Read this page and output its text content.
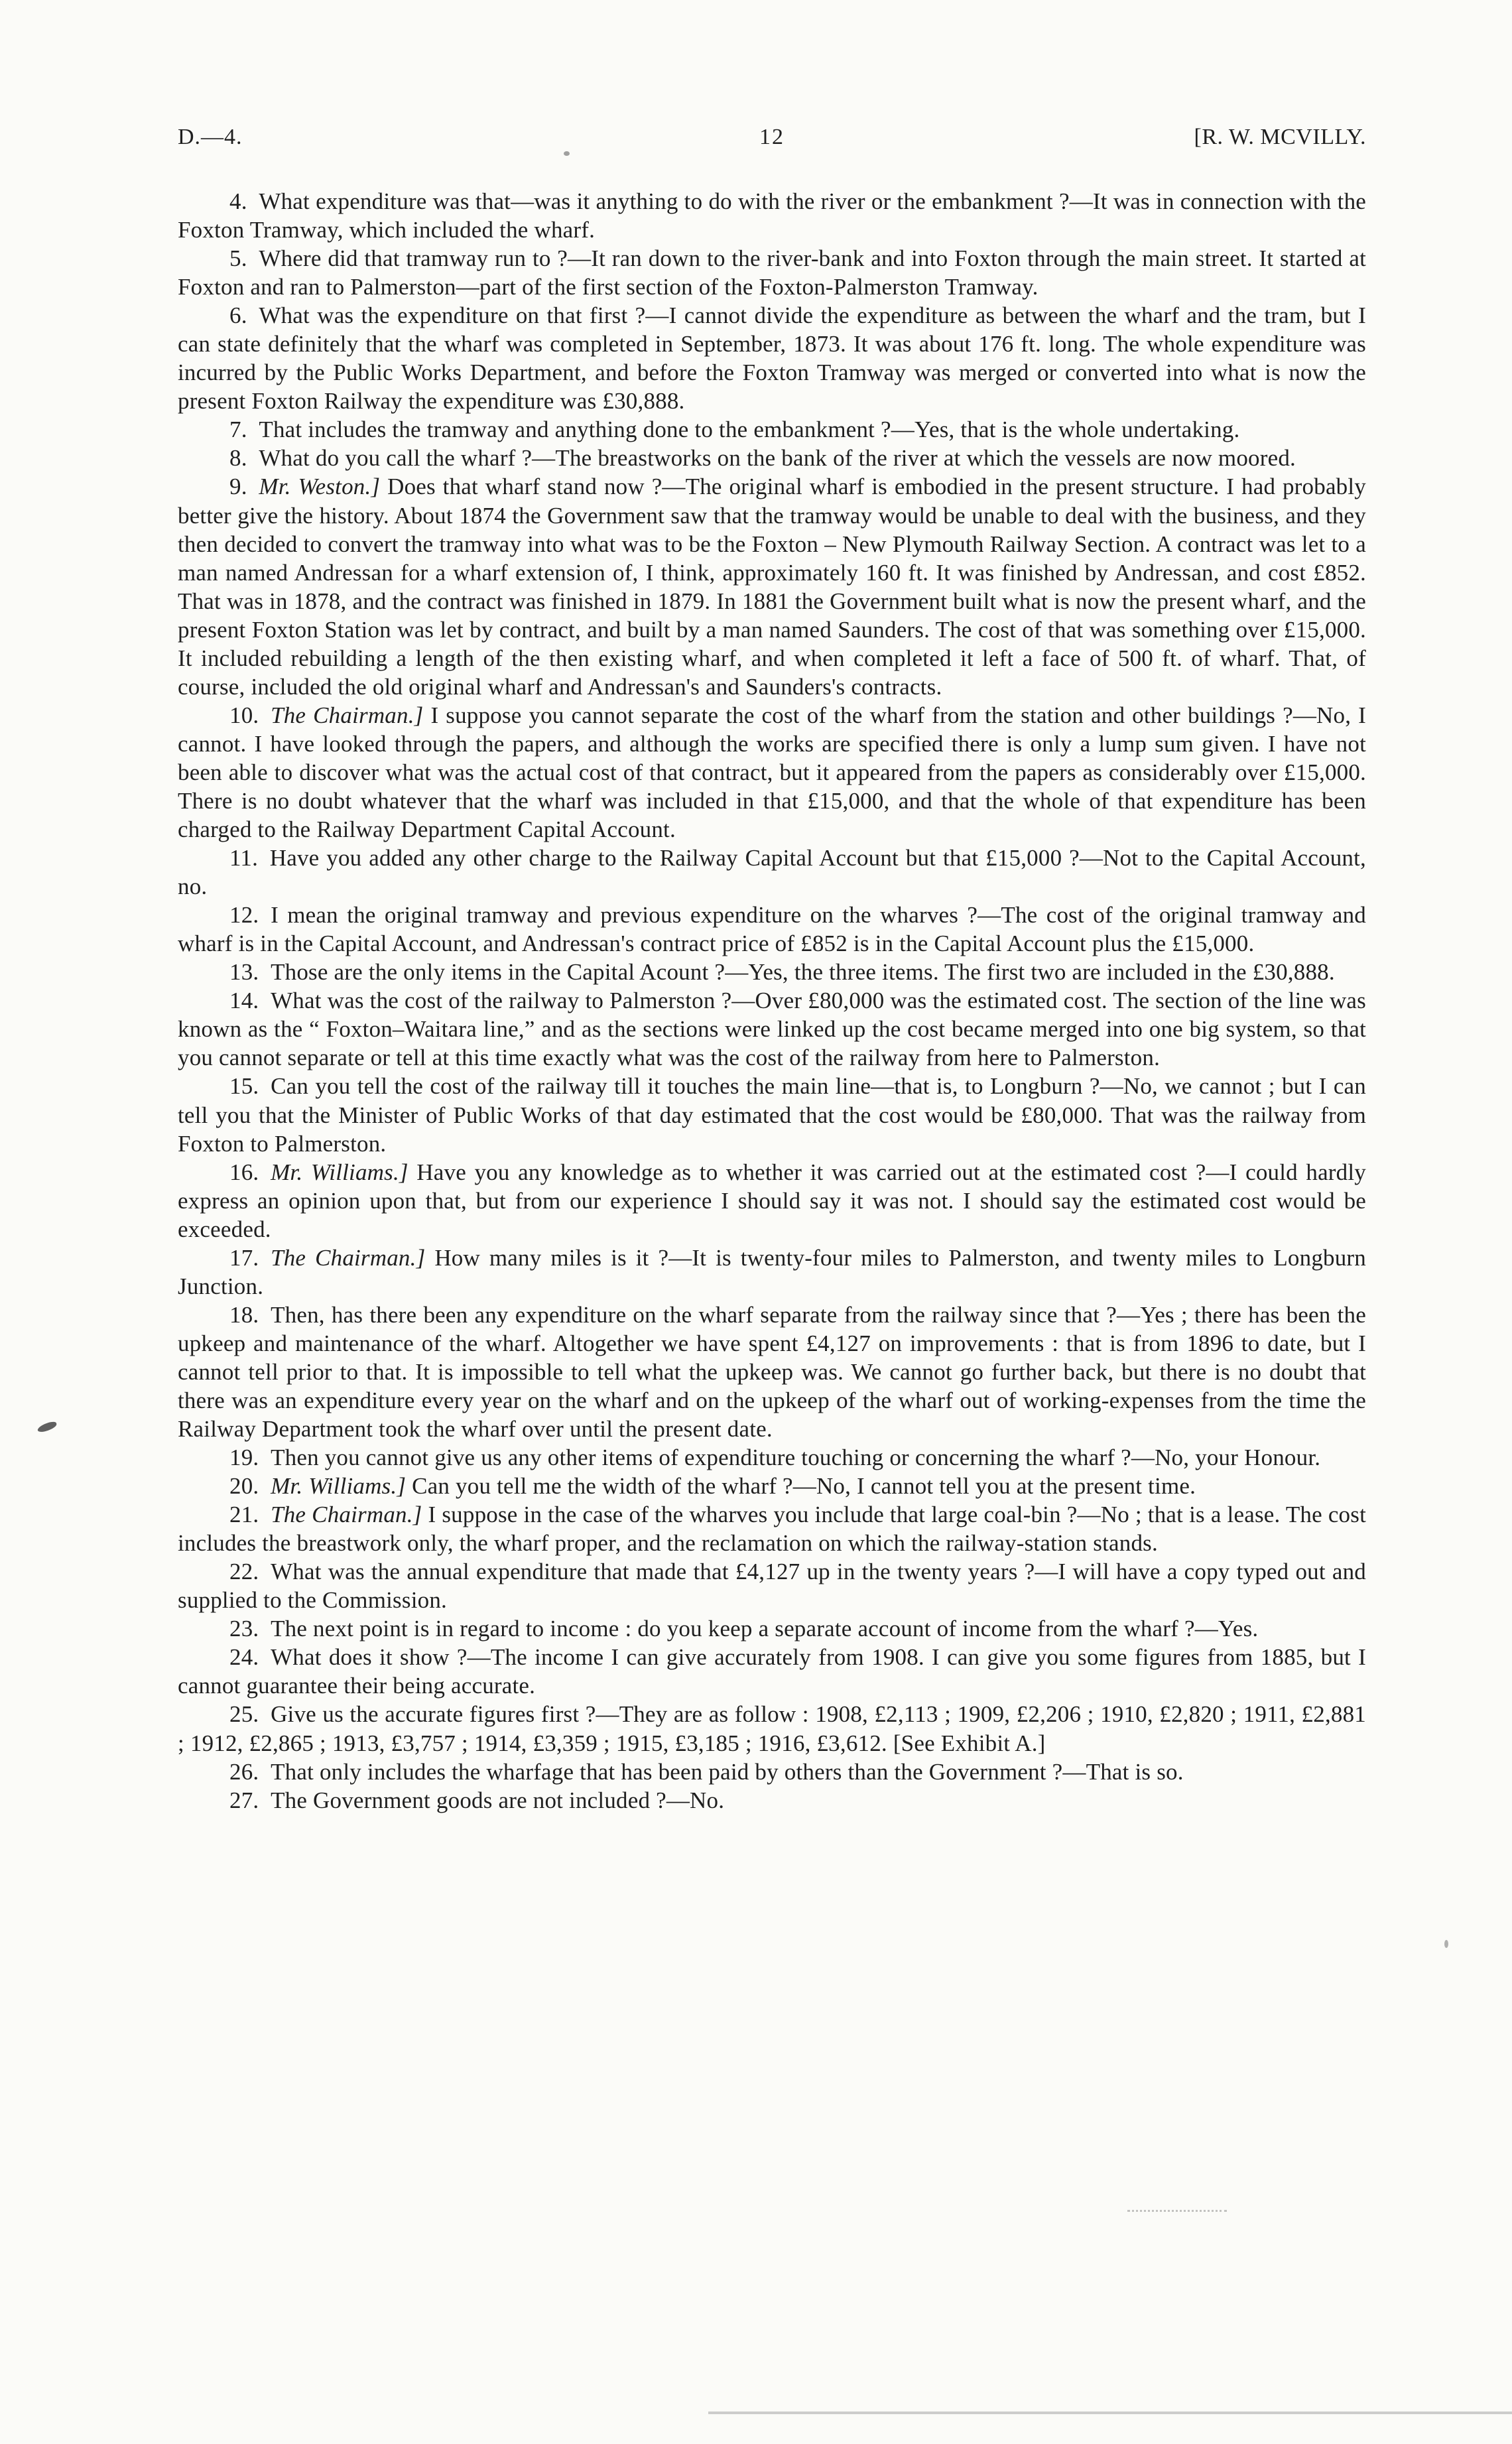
D.—4.	12	[R. W. MCVILLY.

4. What expenditure was that—was it anything to do with the river or the embankment ?—It was in connection with the Foxton Tramway, which included the wharf.

5. Where did that tramway run to ?—It ran down to the river-bank and into Foxton through the main street. It started at Foxton and ran to Palmerston—part of the first section of the Foxton-Palmerston Tramway.

6. What was the expenditure on that first ?—I cannot divide the expenditure as between the wharf and the tram, but I can state definitely that the wharf was completed in September, 1873. It was about 176 ft. long. The whole expenditure was incurred by the Public Works Department, and before the Foxton Tramway was merged or converted into what is now the present Foxton Railway the expenditure was £30,888.

7. That includes the tramway and anything done to the embankment ?—Yes, that is the whole undertaking.

8. What do you call the wharf ?—The breastworks on the bank of the river at which the vessels are now moored.

9. Mr. Weston.] Does that wharf stand now ?—The original wharf is embodied in the present structure. I had probably better give the history. About 1874 the Government saw that the tramway would be unable to deal with the business, and they then decided to convert the tramway into what was to be the Foxton – New Plymouth Railway Section. A contract was let to a man named Andressan for a wharf extension of, I think, approximately 160 ft. It was finished by Andressan, and cost £852. That was in 1878, and the contract was finished in 1879. In 1881 the Government built what is now the present wharf, and the present Foxton Station was let by contract, and built by a man named Saunders. The cost of that was something over £15,000. It included rebuilding a length of the then existing wharf, and when completed it left a face of 500 ft. of wharf. That, of course, included the old original wharf and Andressan's and Saunders's contracts.

10. The Chairman.] I suppose you cannot separate the cost of the wharf from the station and other buildings ?—No, I cannot. I have looked through the papers, and although the works are specified there is only a lump sum given. I have not been able to discover what was the actual cost of that contract, but it appeared from the papers as considerably over £15,000. There is no doubt whatever that the wharf was included in that £15,000, and that the whole of that expenditure has been charged to the Railway Department Capital Account.

11. Have you added any other charge to the Railway Capital Account but that £15,000 ?—Not to the Capital Account, no.

12. I mean the original tramway and previous expenditure on the wharves ?—The cost of the original tramway and wharf is in the Capital Account, and Andressan's contract price of £852 is in the Capital Account plus the £15,000.

13. Those are the only items in the Capital Acount ?—Yes, the three items. The first two are included in the £30,888.

14. What was the cost of the railway to Palmerston ?—Over £80,000 was the estimated cost. The section of the line was known as the “ Foxton–Waitara line,” and as the sections were linked up the cost became merged into one big system, so that you cannot separate or tell at this time exactly what was the cost of the railway from here to Palmerston.

15. Can you tell the cost of the railway till it touches the main line—that is, to Longburn ?—No, we cannot ; but I can tell you that the Minister of Public Works of that day estimated that the cost would be £80,000. That was the railway from Foxton to Palmerston.

16. Mr. Williams.] Have you any knowledge as to whether it was carried out at the estimated cost ?—I could hardly express an opinion upon that, but from our experience I should say it was not. I should say the estimated cost would be exceeded.

17. The Chairman.] How many miles is it ?—It is twenty-four miles to Palmerston, and twenty miles to Longburn Junction.

18. Then, has there been any expenditure on the wharf separate from the railway since that ?—Yes ; there has been the upkeep and maintenance of the wharf. Altogether we have spent £4,127 on improvements : that is from 1896 to date, but I cannot tell prior to that. It is impossible to tell what the upkeep was. We cannot go further back, but there is no doubt that there was an expenditure every year on the wharf and on the upkeep of the wharf out of working-expenses from the time the Railway Department took the wharf over until the present date.

19. Then you cannot give us any other items of expenditure touching or concerning the wharf ?—No, your Honour.

20. Mr. Williams.] Can you tell me the width of the wharf ?—No, I cannot tell you at the present time.

21. The Chairman.] I suppose in the case of the wharves you include that large coal-bin ?—No ; that is a lease. The cost includes the breastwork only, the wharf proper, and the reclamation on which the railway-station stands.

22. What was the annual expenditure that made that £4,127 up in the twenty years ?—I will have a copy typed out and supplied to the Commission.

23. The next point is in regard to income : do you keep a separate account of income from the wharf ?—Yes.

24. What does it show ?—The income I can give accurately from 1908. I can give you some figures from 1885, but I cannot guarantee their being accurate.

25. Give us the accurate figures first ?—They are as follow : 1908, £2,113 ; 1909, £2,206 ; 1910, £2,820 ; 1911, £2,881 ; 1912, £2,865 ; 1913, £3,757 ; 1914, £3,359 ; 1915, £3,185 ; 1916, £3,612. [See Exhibit A.]

26. That only includes the wharfage that has been paid by others than the Government ?—That is so.

27. The Government goods are not included ?—No.
